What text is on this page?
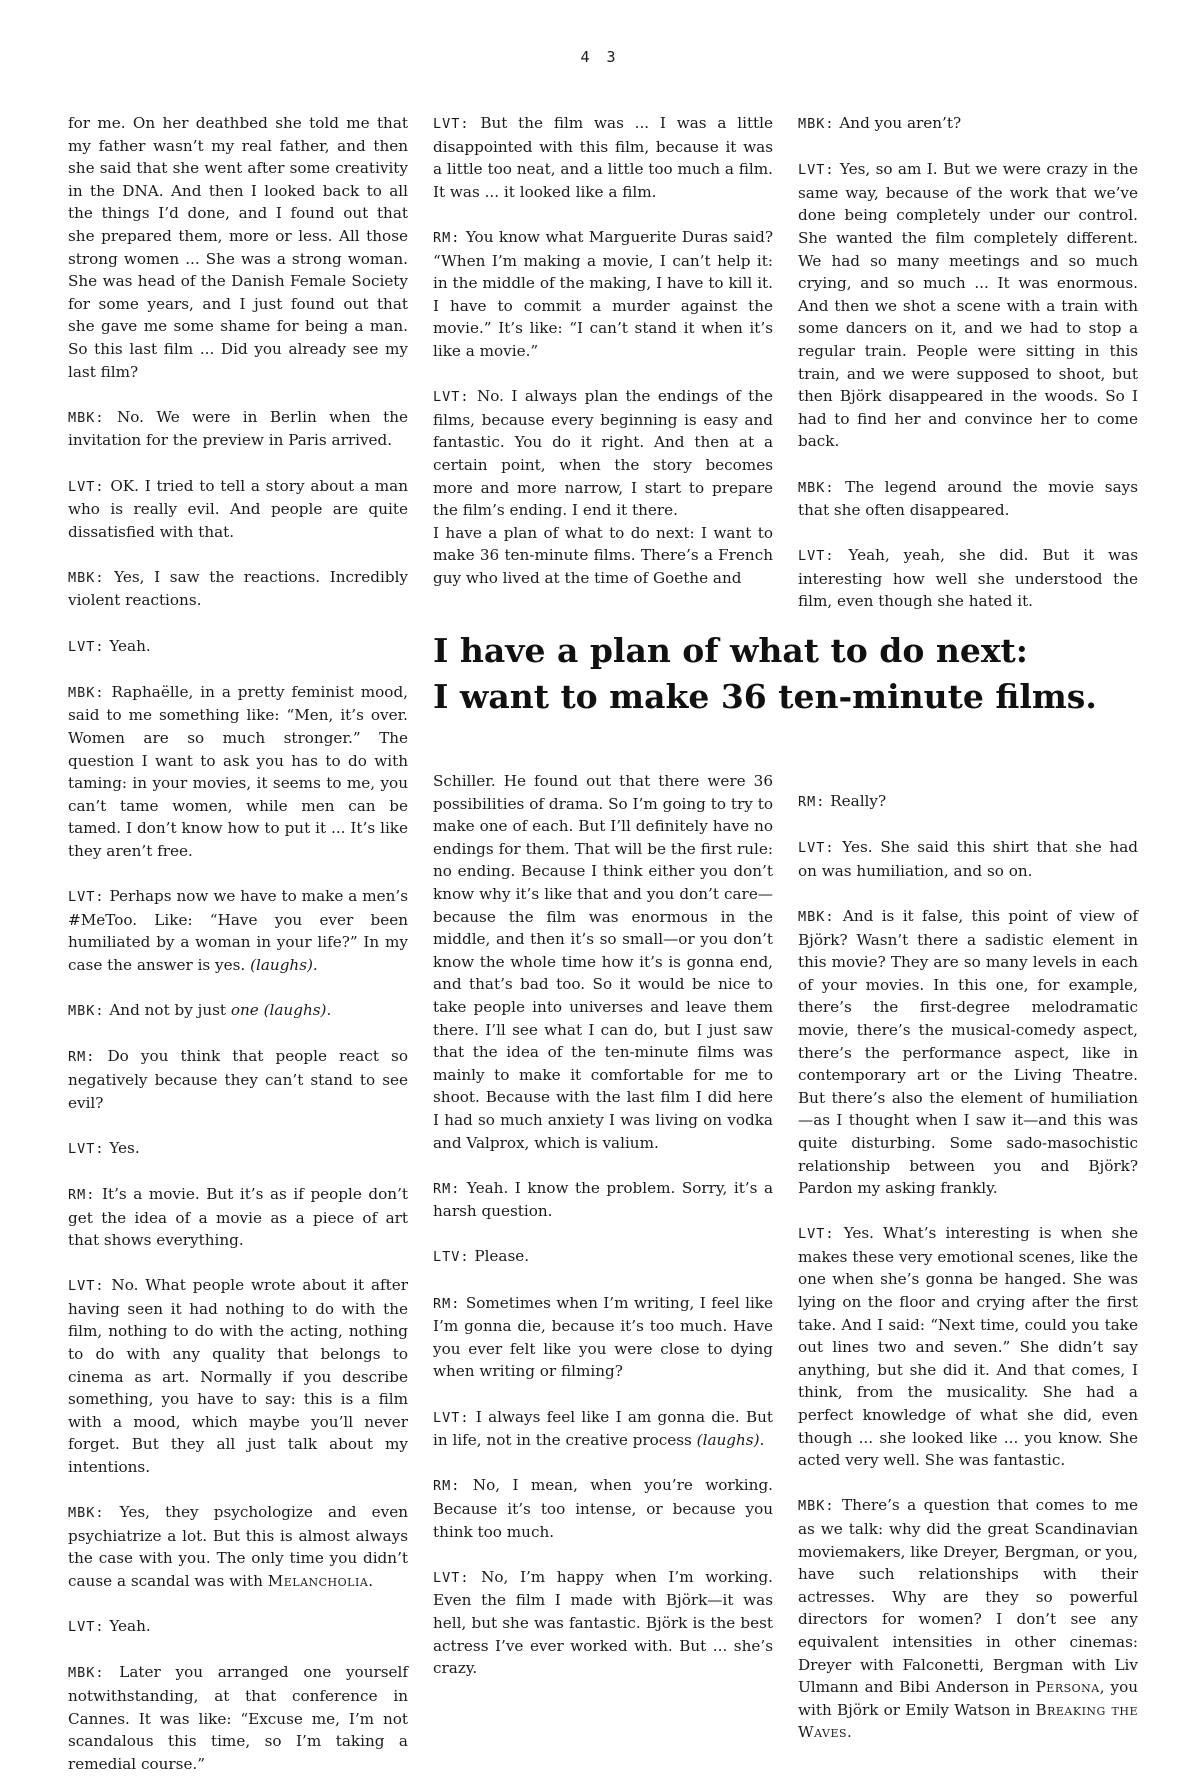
4 3

for me. On her deathbed she told me that my father wasn’t my real father, and then she said that she went after some creativity in the DNA. And then I looked back to all the things I’d done, and I found out that she prepared them, more or less. All those strong women ... She was a strong woman. She was head of the Danish Female Society for some years, and I just found out that she gave me some shame for being a man. So this last film ... Did you already see my last film?

MBK: No. We were in Berlin when the invitation for the preview in Paris arrived.

LVT: OK. I tried to tell a story about a man who is really evil. And people are quite dissatisfied with that.

MBK: Yes, I saw the reactions. Incredibly violent reactions.

LVT: Yeah.

MBK: Raphaëlle, in a pretty feminist mood, said to me something like: “Men, it’s over. Women are so much stronger.” The question I want to ask you has to do with taming: in your movies, it seems to me, you can’t tame women, while men can be tamed. I don’t know how to put it ... It’s like they aren’t free.

LVT: Perhaps now we have to make a men’s #MeToo. Like: “Have you ever been humiliated by a woman in your life?” In my case the answer is yes. (laughs).

MBK: And not by just one (laughs).

RM: Do you think that people react so negatively because they can’t stand to see evil?

LVT: Yes.

RM: It’s a movie. But it’s as if people don’t get the idea of a movie as a piece of art that shows everything.

LVT: No. What people wrote about it after having seen it had nothing to do with the film, nothing to do with the acting, nothing to do with any quality that belongs to cinema as art. Normally if you describe something, you have to say: this is a film with a mood, which maybe you’ll never forget. But they all just talk about my intentions.

MBK: Yes, they psychologize and even psychiatrize a lot. But this is almost always the case with you. The only time you didn’t cause a scandal was with Melancholia.

LVT: Yeah.

MBK: Later you arranged one yourself notwithstanding, at that conference in Cannes. It was like: “Excuse me, I’m not scandalous this time, so I’m taking a remedial course.”

LVT: But the film was ... I was a little disappointed with this film, because it was a little too neat, and a little too much a film. It was ... it looked like a film.

RM: You know what Marguerite Duras said? “When I’m making a movie, I can’t help it: in the middle of the making, I have to kill it. I have to commit a murder against the movie.” It’s like: “I can’t stand it when it’s like a movie.”

LVT: No. I always plan the endings of the films, because every beginning is easy and fantastic. You do it right. And then at a certain point, when the story becomes more and more narrow, I start to prepare the film’s ending. I end it there.

I have a plan of what to do next: I want to make 36 ten-minute films. There’s a French guy who lived at the time of Goethe and

MBK: And you aren’t?

LVT: Yes, so am I. But we were crazy in the same way, because of the work that we’ve done being completely under our control. She wanted the film completely different. We had so many meetings and so much crying, and so much ... It was enormous. And then we shot a scene with a train with some dancers on it, and we had to stop a regular train. People were sitting in this train, and we were supposed to shoot, but then Björk disappeared in the woods. So I had to find her and convince her to come back.

MBK: The legend around the movie says that she often disappeared.

LVT: Yeah, yeah, she did. But it was interesting how well she understood the film, even though she hated it.

I have a plan of what to do next:
I want to make 36 ten-minute films.

Schiller. He found out that there were 36 possibilities of drama. So I’m going to try to make one of each. But I’ll definitely have no endings for them. That will be the first rule: no ending. Because I think either you don’t know why it’s like that and you don’t care—because the film was enormous in the middle, and then it’s so small—or you don’t know the whole time how it’s is gonna end, and that’s bad too. So it would be nice to take people into universes and leave them there. I’ll see what I can do, but I just saw that the idea of the ten-minute films was mainly to make it comfortable for me to shoot. Because with the last film I did here I had so much anxiety I was living on vodka and Valprox, which is valium.

RM: Yeah. I know the problem. Sorry, it’s a harsh question.

LTV: Please.

RM: Sometimes when I’m writing, I feel like I’m gonna die, because it’s too much. Have you ever felt like you were close to dying when writing or filming?

LVT: I always feel like I am gonna die. But in life, not in the creative process (laughs).

RM: No, I mean, when you’re working. Because it’s too intense, or because you think too much.

LVT: No, I’m happy when I’m working. Even the film I made with Björk—it was hell, but she was fantastic. Björk is the best actress I’ve ever worked with. But ... she’s crazy.

RM: Really?

LVT: Yes. She said this shirt that she had on was humiliation, and so on.

MBK: And is it false, this point of view of Björk? Wasn’t there a sadistic element in this movie? They are so many levels in each of your movies. In this one, for example, there’s the first-degree melodramatic movie, there’s the musical-comedy aspect, there’s the performance aspect, like in contemporary art or the Living Theatre. But there’s also the element of humiliation—as I thought when I saw it—and this was quite disturbing. Some sado-masochistic relationship between you and Björk? Pardon my asking frankly.

LVT: Yes. What’s interesting is when she makes these very emotional scenes, like the one when she’s gonna be hanged. She was lying on the floor and crying after the first take. And I said: “Next time, could you take out lines two and seven.” She didn’t say anything, but she did it. And that comes, I think, from the musicality. She had a perfect knowledge of what she did, even though ... she looked like ... you know. She acted very well. She was fantastic.

MBK: There’s a question that comes to me as we talk: why did the great Scandinavian moviemakers, like Dreyer, Bergman, or you, have such relationships with their actresses. Why are they so powerful directors for women? I don’t see any equivalent intensities in other cinemas: Dreyer with Falconetti, Bergman with Liv Ulmann and Bibi Anderson in Persona, you with Björk or Emily Watson in Breaking the Waves.
